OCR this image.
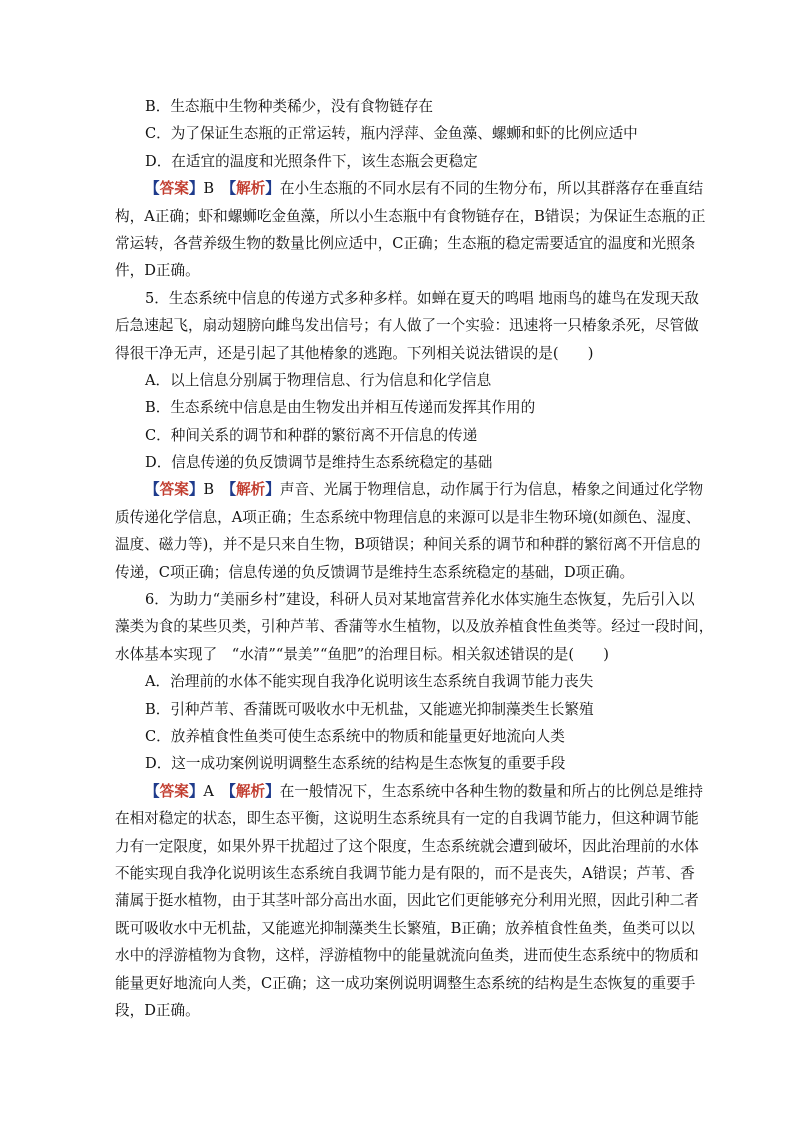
B．生态瓶中生物种类稀少，没有食物链存在
C．为了保证生态瓶的正常运转，瓶内浮萍、金鱼藻、螺蛳和虾的比例应适中
D．在适宜的温度和光照条件下，该生态瓶会更稳定
【答案】B　 【解析】在小生态瓶的不同水层有不同的生物分布，所以其群落存在垂直结
构，A正确；虾和螺蛳吃金鱼藻，所以小生态瓶中有食物链存在，B错误；为保证生态瓶的正
常运转，各营养级生物的数量比例应适中，C正确；生态瓶的稳定需要适宜的温度和光照条
件，D正确。
5．生态系统中信息的传递方式多种多样。如蝉在夏天的鸣唱 地雨鸟的雄鸟在发现天敌
后急速起飞，扇动翅膀向雌鸟发出信号；有人做了一个实验：迅速将一只椿象杀死，尽管做
得很干净无声，还是引起了其他椿象的逃跑。下列相关说法错误的是(　　)
A．以上信息分别属于物理信息、行为信息和化学信息
B．生态系统中信息是由生物发出并相互传递而发挥其作用的
C．种间关系的调节和种群的繁衍离不开信息的传递
D．信息传递的负反馈调节是维持生态系统稳定的基础
【答案】B　 【解析】声音、光属于物理信息，动作属于行为信息，椿象之间通过化学物
质传递化学信息，A项正确；生态系统中物理信息的来源可以是非生物环境(如颜色、湿度、
温度、磁力等)，并不是只来自生物，B项错误；种间关系的调节和种群的繁衍离不开信息的
传递，C项正确；信息传递的负反馈调节是维持生态系统稳定的基础，D项正确。
6．为助力“美丽乡村”建设，科研人员对某地富营养化水体实施生态恢复，先后引入以
藻类为食的某些贝类，引种芦苇、香蒲等水生植物，以及放养植食性鱼类等。经过一段时间，
水体基本实现了　“水清”“景美”“鱼肥”的治理目标。相关叙述错误的是(　　)
A．治理前的水体不能实现自我净化说明该生态系统自我调节能力丧失
B．引种芦苇、香蒲既可吸收水中无机盐，又能遮光抑制藻类生长繁殖
C．放养植食性鱼类可使生态系统中的物质和能量更好地流向人类
D．这一成功案例说明调整生态系统的结构是生态恢复的重要手段
【答案】A　 【解析】在一般情况下，生态系统中各种生物的数量和所占的比例总是维持
在相对稳定的状态，即生态平衡，这说明生态系统具有一定的自我调节能力，但这种调节能
力有一定限度，如果外界干扰超过了这个限度，生态系统就会遭到破坏，因此治理前的水体
不能实现自我净化说明该生态系统自我调节能力是有限的，而不是丧失，A错误；芦苇、香
蒲属于挺水植物，由于其茎叶部分高出水面，因此它们更能够充分利用光照，因此引种二者
既可吸收水中无机盐，又能遮光抑制藻类生长繁殖，B正确；放养植食性鱼类，鱼类可以以
水中的浮游植物为食物，这样，浮游植物中的能量就流向鱼类，进而使生态系统中的物质和
能量更好地流向人类，C正确；这一成功案例说明调整生态系统的结构是生态恢复的重要手
段，D正确。
